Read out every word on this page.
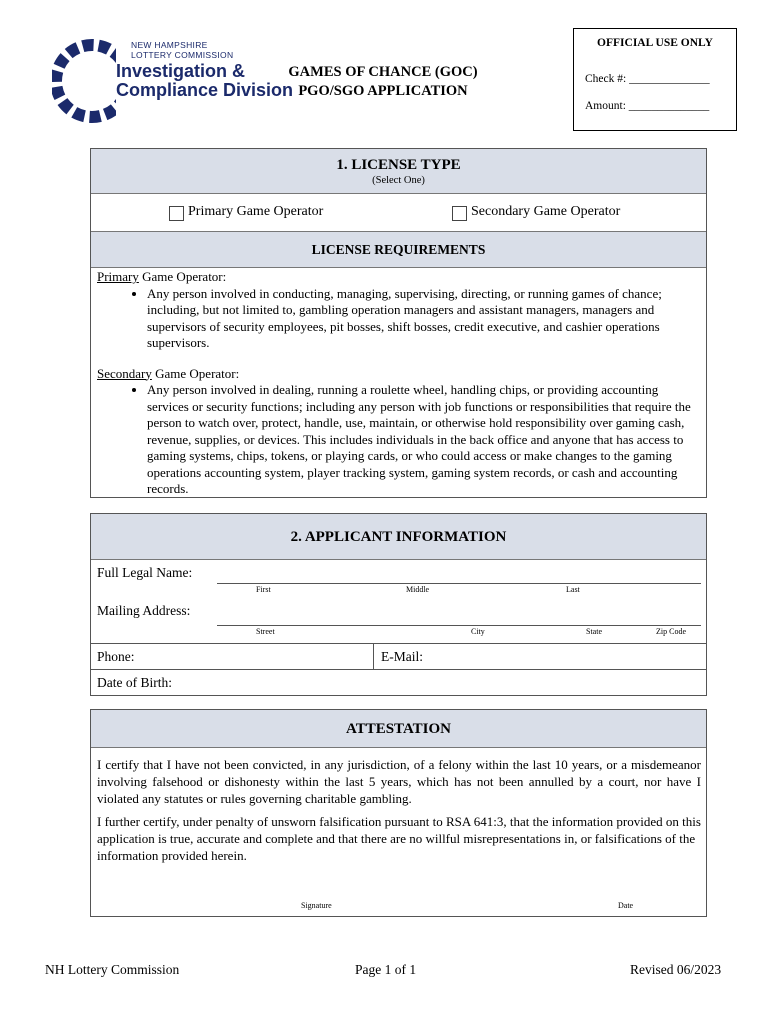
NEW HAMPSHIRE
LOTTERY COMMISSION
Investigation &
Compliance Division
GAMES OF CHANCE (GOC)
PGO/SGO APPLICATION
OFFICIAL USE ONLY
Check #: ______________
Amount: ______________
1. LICENSE TYPE
(Select One)
Primary Game Operator	Secondary Game Operator
LICENSE REQUIREMENTS
Primary Game Operator:
• Any person involved in conducting, managing, supervising, directing, or running games of chance; including, but not limited to, gambling operation managers and assistant managers, managers and supervisors of security employees, pit bosses, shift bosses, credit executive, and cashier operations supervisors.
Secondary Game Operator:
• Any person involved in dealing, running a roulette wheel, handling chips, or providing accounting services or security functions; including any person with job functions or responsibilities that require the person to watch over, protect, handle, use, maintain, or otherwise hold responsibility over gaming cash, revenue, supplies, or devices. This includes individuals in the back office and anyone that has access to gaming systems, chips, tokens, or playing cards, or who could access or make changes to the gaming operations accounting system, player tracking system, gaming system records, or cash and accounting records.
2. APPLICANT INFORMATION
Full Legal Name:
First	Middle	Last
Mailing Address:
Street	City	State	Zip Code
Phone:	E-Mail:
Date of Birth:
ATTESTATION
I certify that I have not been convicted, in any jurisdiction, of a felony within the last 10 years, or a misdemeanor involving falsehood or dishonesty within the last 5 years, which has not been annulled by a court, nor have I violated any statutes or rules governing charitable gambling.
I further certify, under penalty of unsworn falsification pursuant to RSA 641:3, that the information provided on this application is true, accurate and complete and that there are no willful misrepresentations in, or falsifications of the information provided herein.
Signature	Date
NH Lottery Commission	Page 1 of 1	Revised 06/2023
